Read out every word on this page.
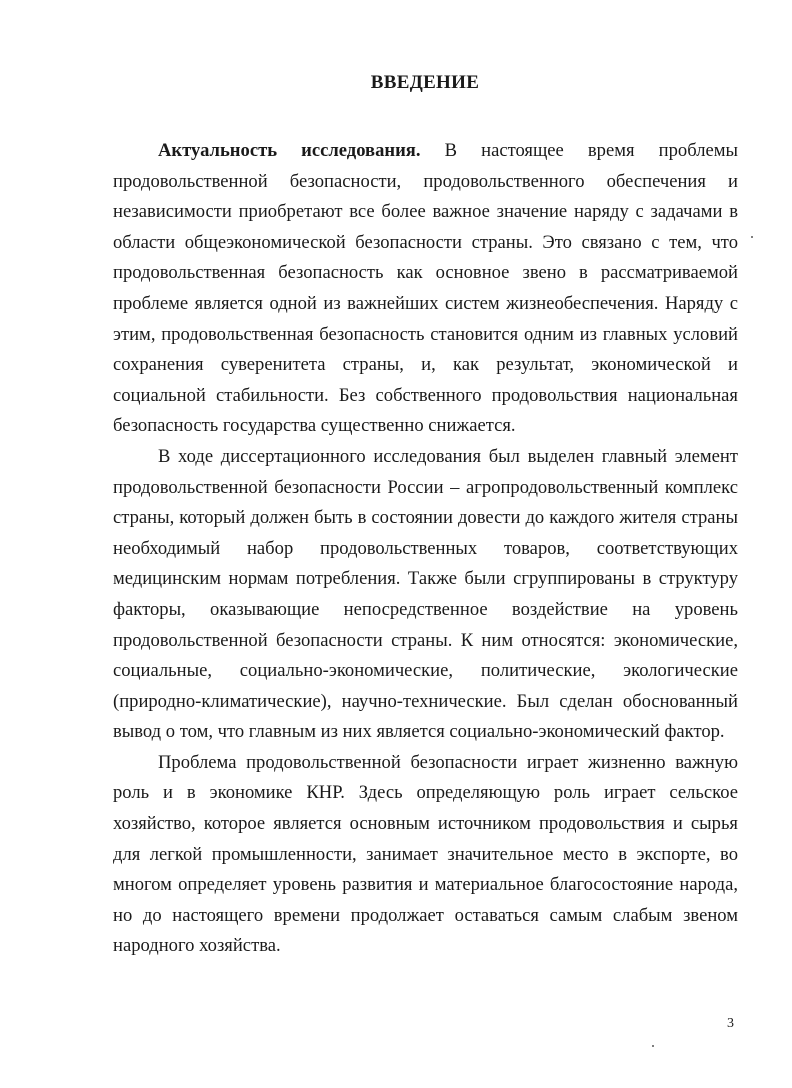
ВВЕДЕНИЕ

Актуальность исследования. В настоящее время проблемы продовольственной безопасности, продовольственного обеспечения и независимости приобретают все более важное значение наряду с задачами в области общеэкономической безопасности страны. Это связано с тем, что продовольственная безопасность как основное звено в рассматриваемой проблеме является одной из важнейших систем жизнеобеспечения. Наряду с этим, продовольственная безопасность становится одним из главных условий сохранения суверенитета страны, и, как результат, экономической и социальной стабильности. Без собственного продовольствия национальная безопасность государства существенно снижается.

В ходе диссертационного исследования был выделен главный элемент продовольственной безопасности России – агропродовольственный комплекс страны, который должен быть в состоянии довести до каждого жителя страны необходимый набор продовольственных товаров, соответствующих медицинским нормам потребления. Также были сгруппированы в структуру факторы, оказывающие непосредственное воздействие на уровень продовольственной безопасности страны. К ним относятся: экономические, социальные, социально-экономические, политические, экологические (природно-климатические), научно-технические. Был сделан обоснованный вывод о том, что главным из них является социально-экономический фактор.

Проблема продовольственной безопасности играет жизненно важную роль и в экономике КНР. Здесь определяющую роль играет сельское хозяйство, которое является основным источником продовольствия и сырья для легкой промышленности, занимает значительное место в экспорте, во многом определяет уровень развития и материальное благосостояние народа, но до настоящего времени продолжает оставаться самым слабым звеном народного хозяйства.

3
